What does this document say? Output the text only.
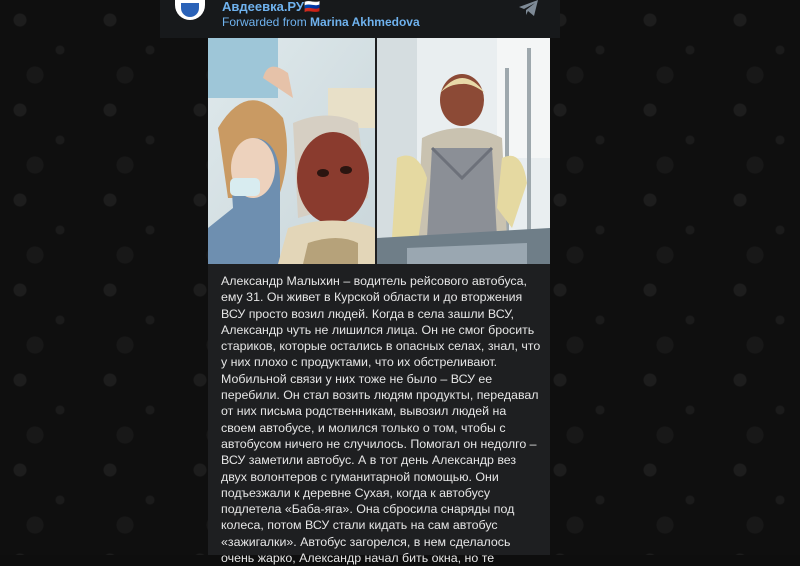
Авдеевка.РУ🇷🇺
Forwarded from Marina Akhmedova
Александр Малыхин – водитель рейсового автобуса,
ему 31. Он живет в Курской области и до вторжения
ВСУ просто возил людей. Когда в села зашли ВСУ,
Александр чуть не лишился лица. Он не смог бросить
стариков, которые остались в опасных селах, знал, что
у них плохо с продуктами, что их обстреливают.
Мобильной связи у них тоже не было – ВСУ ее
перебили. Он стал возить людям продукты, передавал
от них письма родственникам, вывозил людей на
своем автобусе, и молился только о том, чтобы с
автобусом ничего не случилось. Помогал он недолго –
ВСУ заметили автобус. А в тот день Александр вез
двух волонтеров с гуманитарной помощью. Они
подъезжали к деревне Сухая, когда к автобусу
подлетела «Баба-яга». Она сбросила снаряды под
колеса, потом ВСУ стали кидать на сам автобус
«зажигалки». Автобус загорелся, в нем сделалось
очень жарко, Александр начал бить окна, но те
